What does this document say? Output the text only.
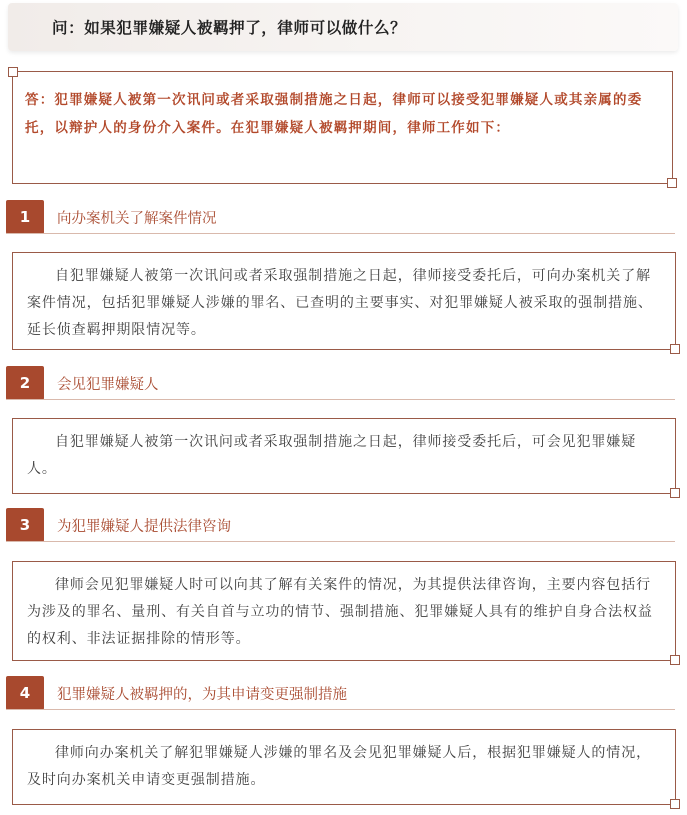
问：如果犯罪嫌疑人被羁押了，律师可以做什么？
答：犯罪嫌疑人被第一次讯问或者采取强制措施之日起，律师可以接受犯罪嫌疑人或其亲属的委托，以辩护人的身份介入案件。在犯罪嫌疑人被羁押期间，律师工作如下：
1	向办案机关了解案件情况
自犯罪嫌疑人被第一次讯问或者采取强制措施之日起，律师接受委托后，可向办案机关了解案件情况，包括犯罪嫌疑人涉嫌的罪名、已查明的主要事实、对犯罪嫌疑人被采取的强制措施、延长侦查羁押期限情况等。
2	会见犯罪嫌疑人
自犯罪嫌疑人被第一次讯问或者采取强制措施之日起，律师接受委托后，可会见犯罪嫌疑人。
3	为犯罪嫌疑人提供法律咨询
律师会见犯罪嫌疑人时可以向其了解有关案件的情况，为其提供法律咨询，主要内容包括行为涉及的罪名、量刑、有关自首与立功的情节、强制措施、犯罪嫌疑人具有的维护自身合法权益的权利、非法证据排除的情形等。
4	犯罪嫌疑人被羁押的，为其申请变更强制措施
律师向办案机关了解犯罪嫌疑人涉嫌的罪名及会见犯罪嫌疑人后，根据犯罪嫌疑人的情况，及时向办案机关申请变更强制措施。
